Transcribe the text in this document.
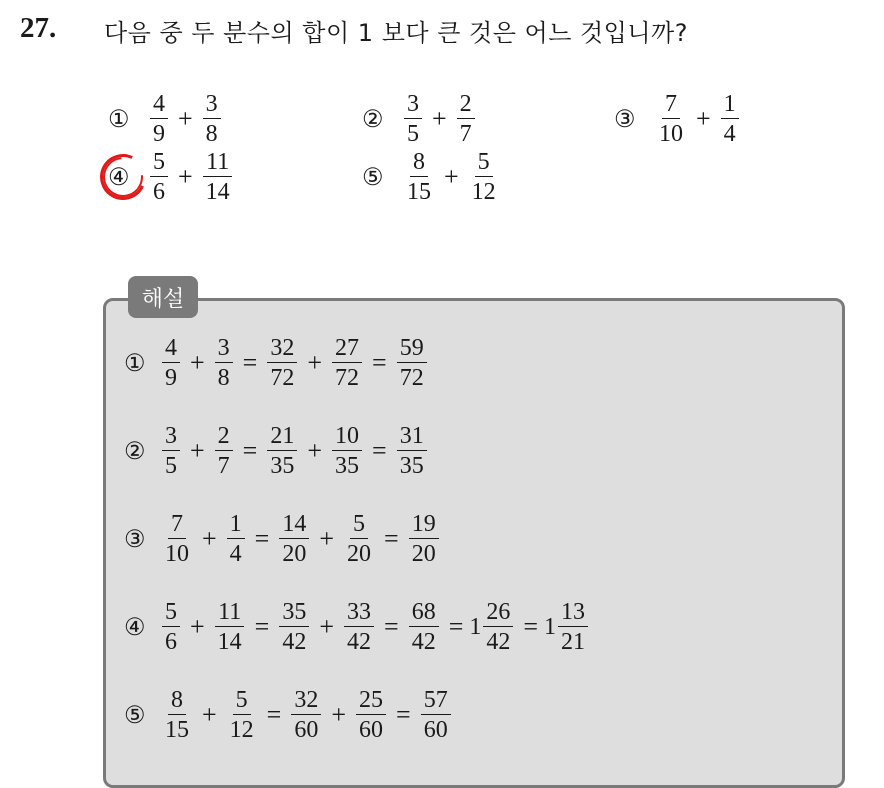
27. 다음 중 두 분수의 합이 1 보다 큰 것은 어느 것입니까?
① $\frac{4}{9} + \frac{3}{8}$	② $\frac{3}{5} + \frac{2}{7}$	③ $\frac{7}{10} + \frac{1}{4}$
④ $\frac{5}{6} + \frac{11}{14}$	⑤ $\frac{8}{15} + \frac{5}{12}$
해설
① $\frac{4}{9} + \frac{3}{8} = \frac{32}{72} + \frac{27}{72} = \frac{59}{72}$
② $\frac{3}{5} + \frac{2}{7} = \frac{21}{35} + \frac{10}{35} = \frac{31}{35}$
③ $\frac{7}{10} + \frac{1}{4} = \frac{14}{20} + \frac{5}{20} = \frac{19}{20}$
④ $\frac{5}{6} + \frac{11}{14} = \frac{35}{42} + \frac{33}{42} = \frac{68}{42} = 1 \frac{26}{42} = 1 \frac{13}{21}$
⑤ $\frac{8}{15} + \frac{5}{12} = \frac{32}{60} + \frac{25}{60} = \frac{57}{60}$
